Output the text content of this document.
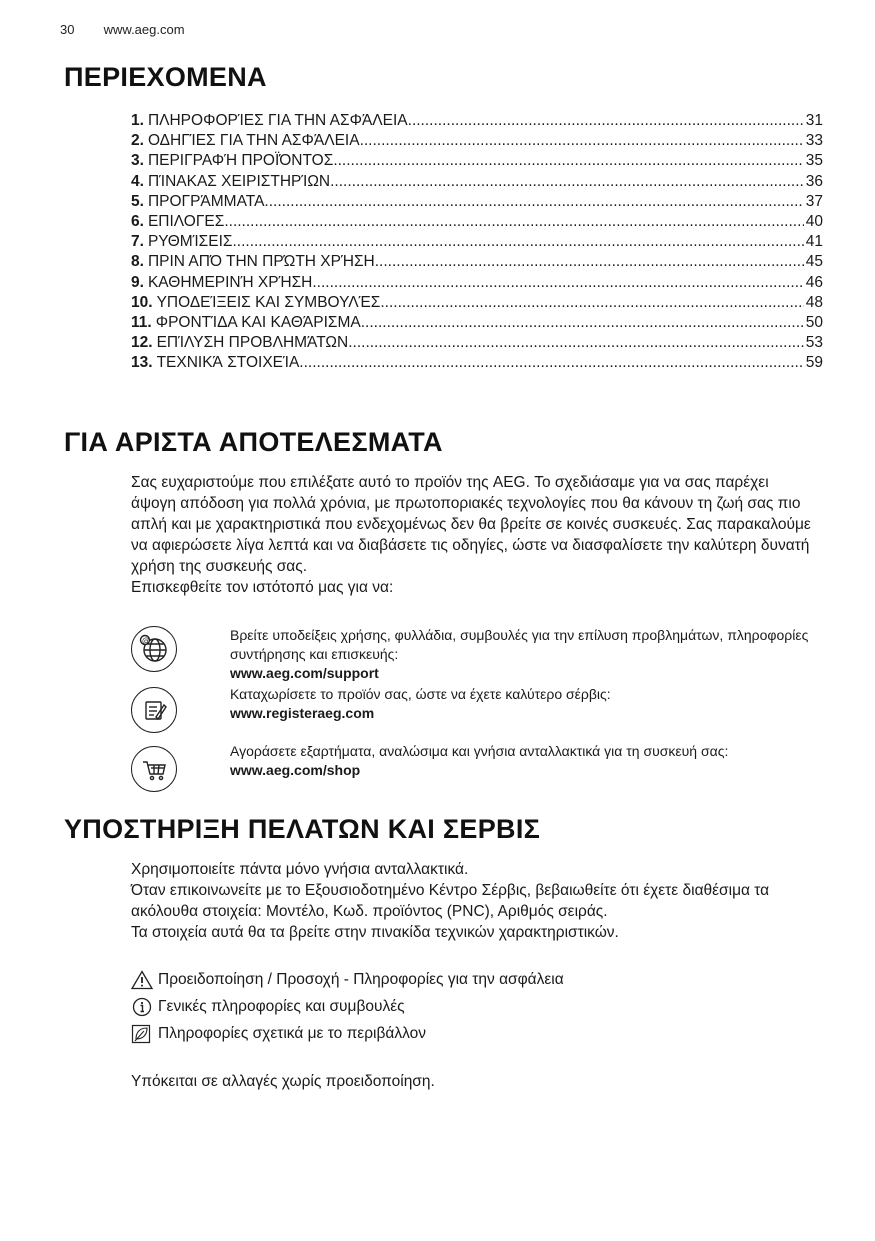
30 www.aeg.com
ΠΕΡΙΕΧΟΜΕΝΑ
1. ΠΛΗΡΟΦΟΡΊΕΣ ΓΙΑ ΤΗΝ ΑΣΦΆΛΕΙΑ .....	31
2. ΟΔΗΓΊΕΣ ΓΙΑ ΤΗΝ ΑΣΦΆΛΕΙΑ .....	33
3. ΠΕΡΙΓΡΑΦΉ ΠΡΟΪΌΝΤΟΣ .....	35
4. ΠΊΝΑΚΑΣ ΧΕΙΡΙΣΤΗΡΊΩΝ .....	36
5. ΠΡΟΓΡΆΜΜΑΤΑ .....	37
6. ΕΠΙΛΟΓΕΣ .....	40
7. ΡΥΘΜΊΣΕΙΣ .....	41
8. ΠΡΙΝ ΑΠΌ ΤΗΝ ΠΡΏΤΗ ΧΡΉΣΗ .....	45
9. ΚΑΘΗΜΕΡΙΝΉ ΧΡΉΣΗ .....	46
10. ΥΠΟΔΕΊΞΕΙΣ ΚΑΙ ΣΥΜΒΟΥΛΈΣ .....	48
11. ΦΡΟΝΤΊΔΑ ΚΑΙ ΚΑΘΆΡΙΣΜΑ .....	50
12. ΕΠΊΛΥΣΗ ΠΡΟΒΛΗΜΆΤΩΝ .....	53
13. ΤΕΧΝΙΚΆ ΣΤΟΙΧΕΊΑ .....	59
ΓΙΑ ΑΡΙΣΤΑ ΑΠΟΤΕΛΕΣΜΑΤΑ

Σας ευχαριστούμε που επιλέξατε αυτό το προϊόν της AEG. Το σχεδιάσαμε για να σας παρέχει άψογη απόδοση για πολλά χρόνια, με πρωτοποριακές τεχνολογίες που θα κάνουν τη ζωή σας πιο απλή και με χαρακτηριστικά που ενδεχομένως δεν θα βρείτε σε κοινές συσκευές. Σας παρακαλούμε να αφιερώσετε λίγα λεπτά και να διαβάσετε τις οδηγίες, ώστε να διασφαλίσετε την καλύτερη δυνατή χρήση της συσκευής σας.

Επισκεφθείτε τον ιστότοπό μας για να:

@	Βρείτε υποδείξεις χρήσης, φυλλάδια, συμβουλές για την επίλυση προβλημάτων, πληροφορίες συντήρησης και επισκευής:
www.aeg.com/support
Καταχωρίσετε το προϊόν σας, ώστε να έχετε καλύτερο σέρβις:
www.registeraeg.com
Αγοράσετε εξαρτήματα, αναλώσιμα και γνήσια ανταλλακτικά για τη συσκευή σας:
www.aeg.com/shop
ΥΠΟΣΤΗΡΙΞΗ ΠΕΛΑΤΩΝ ΚΑΙ ΣΕΡΒΙΣ

Χρησιμοποιείτε πάντα μόνο γνήσια ανταλλακτικά.

Όταν επικοινωνείτε με το Εξουσιοδοτημένο Κέντρο Σέρβις, βεβαιωθείτε ότι έχετε διαθέσιμα τα ακόλουθα στοιχεία: Μοντέλο, Κωδ. προϊόντος (PNC), Αριθμός σειράς.

Τα στοιχεία αυτά θα τα βρείτε στην πινακίδα τεχνικών χαρακτηριστικών.

Προειδοποίηση / Προσοχή - Πληροφορίες για την ασφάλεια
Γενικές πληροφορίες και συμβουλές
Πληροφορίες σχετικά με το περιβάλλον
Υπόκειται σε αλλαγές χωρίς προειδοποίηση.
